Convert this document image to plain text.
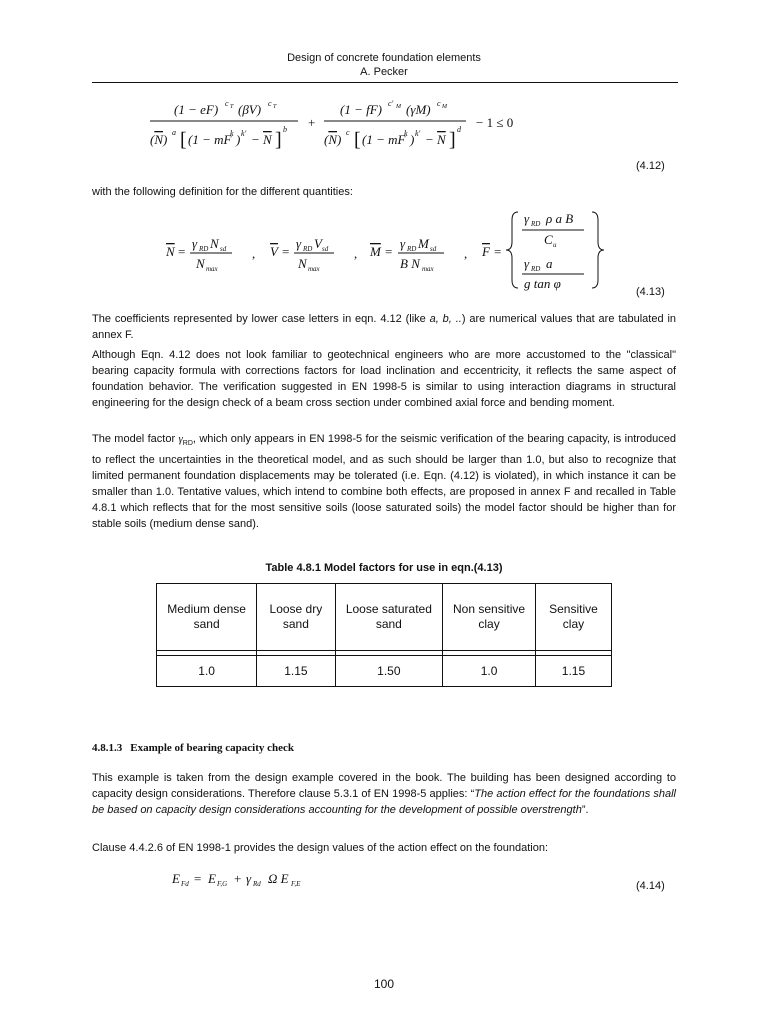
Design of concrete foundation elements
A. Pecker
(1 − eF) c T (βV) c T
(N) a [ (1 − mF
k ) k′ − N ] b +
(1 − fF) c′ M (γM) c M
(N) c [ (1 − mF
k ) k′ − N ] d − 1 ≤ 0
(4.12)

with the following definition for the different quantities:

N =
γ RD N sd
N max
, V =
γ RD V sd
N max
, M =
γ RD M sd
B N max
, F =
γ RD ρ a B
C u
γ RD a
g tan φ
(4.13)

The coefficients represented by lower case letters in eqn. 4.12 (like a, b, ..) are numerical values that are tabulated in annex F.

Although Eqn. 4.12 does not look familiar to geotechnical engineers who are more accustomed to the "classical" bearing capacity formula with corrections factors for load inclination and eccentricity, it reflects the same aspect of foundation behavior. The verification suggested in EN 1998-5 is similar to using interaction diagrams in structural engineering for the design check of a beam cross section under combined axial force and bending moment.

The model factor $\gamma_{RD}$, which only appears in EN 1998-5 for the seismic verification of the bearing capacity, is introduced to reflect the uncertainties in the theoretical model, and as such should be larger than 1.0, but also to recognize that limited permanent foundation displacements may be tolerated (i.e. Eqn. (4.12) is violated), in which instance it can be smaller than 1.0. Tentative values, which intend to combine both effects, are proposed in annex F and recalled in Table 4.8.1 which reflects that for the most sensitive soils (loose saturated soils) the model factor should be higher than for stable soils (medium dense sand).

Table 4.8.1 Model factors for use in eqn.(4.13)
Medium dense sand	Loose dry sand	Loose saturated sand	Non sensitive clay	Sensitive clay

1.0	1.15	1.50	1.0	1.15
4.8.1.3 Example of bearing capacity check

This example is taken from the design example covered in the book. The building has been designed according to capacity design considerations. Therefore clause 5.3.1 of EN 1998-5 applies: “The action effect for the foundations shall be based on capacity design considerations accounting for the development of possible overstrength”.

Clause 4.4.2.6 of EN 1998-1 provides the design values of the action effect on the foundation:

E Fd = E F,G + γ Rd Ω E F,E	(4.14)
100
